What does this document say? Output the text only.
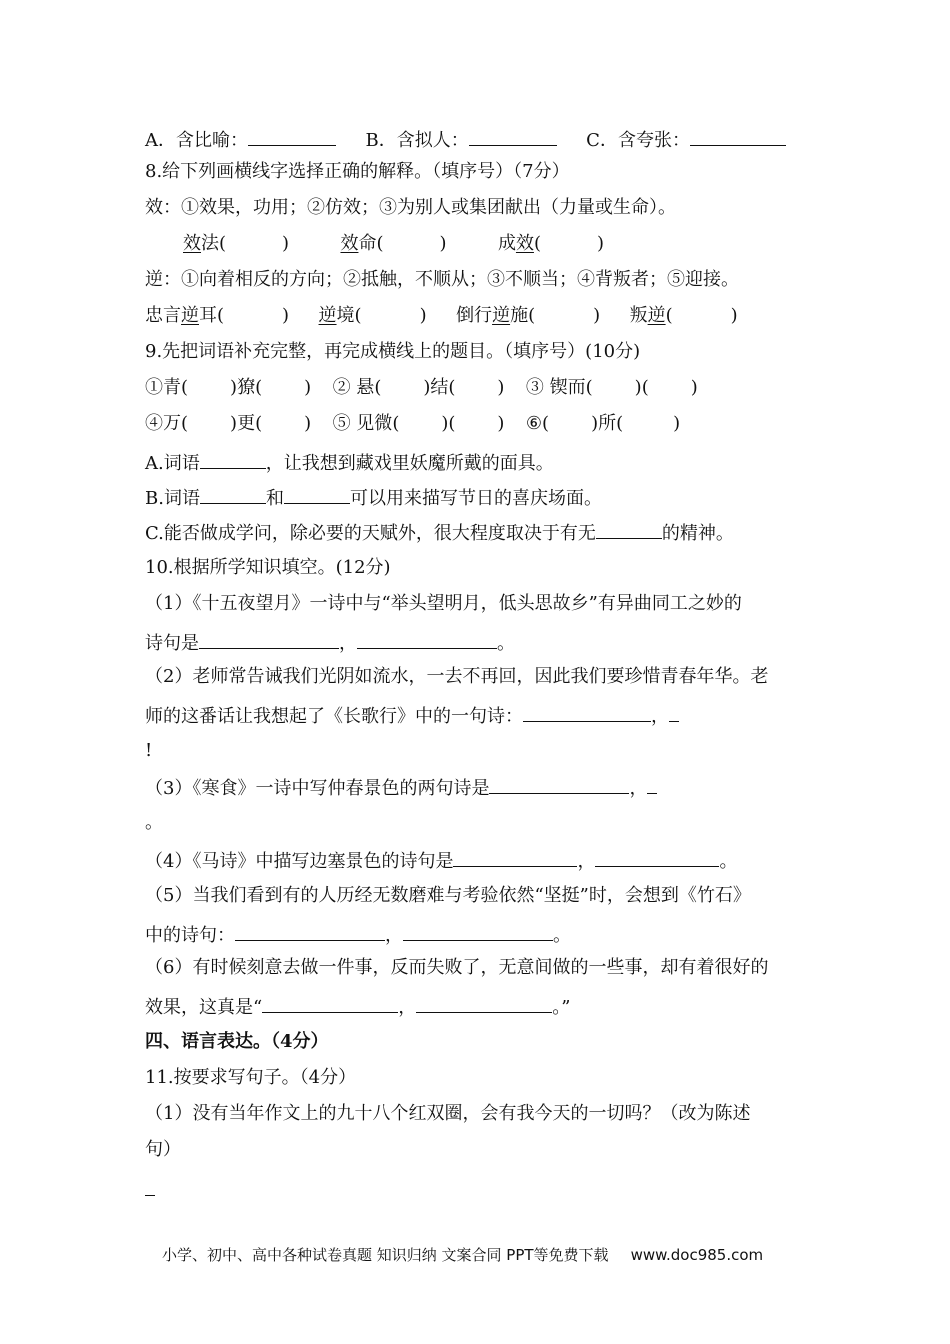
A．含比喻：	B．含拟人：	C．含夸张：
8.给下列画横线字选择正确的解释。（填序号）（7分）
效：①效果，功用；②仿效；③为别人或集团献出（力量或生命）。
效法(	)	效命(	)	成效(	)
逆：①向着相反的方向；②抵触，不顺从；③不顺当；④背叛者；⑤迎接。
忠言逆耳(	) 逆境(	) 倒行逆施(	) 叛逆(	)
9.先把词语补充完整，再完成横线上的题目。（填序号）(10分)
①青( )獠( )  ② 悬( )结( )  ③ 锲而( )( )
④万( )更( )  ⑤ 见微( )( )  ⑥( )所(	)
A.词语	，让我想到藏戏里妖魔所戴的面具。
B.词语	和	可以用来描写节日的喜庆场面。
C.能否做成学问，除必要的天赋外，很大程度取决于有无	的精神。
10.根据所学知识填空。(12分)
（1）《十五夜望月》一诗中与“举头望明月，低头思故乡”有异曲同工之妙的
诗句是	，	。
（2）老师常告诫我们光阴如流水，一去不再回，因此我们要珍惜青春年华。老
师的这番话让我想起了《长歌行》中的一句诗：	，
!
（3）《寒食》一诗中写仲春景色的两句诗是	，
。
（4）《马诗》中描写边塞景色的诗句是	，	。
（5）当我们看到有的人历经无数磨难与考验依然“坚挺”时，会想到《竹石》
中的诗句：	，	。
（6）有时候刻意去做一件事，反而失败了，无意间做的一些事，却有着很好的
效果，这真是“	，	。”
四、语言表达。（4分）
11.按要求写句子。（4分）
（1）没有当年作文上的九十八个红双圈，会有我今天的一切吗？（改为陈述
句）
小学、初中、高中各种试卷真题 知识归纳 文案合同 PPT等免费下载 www.doc985.com
